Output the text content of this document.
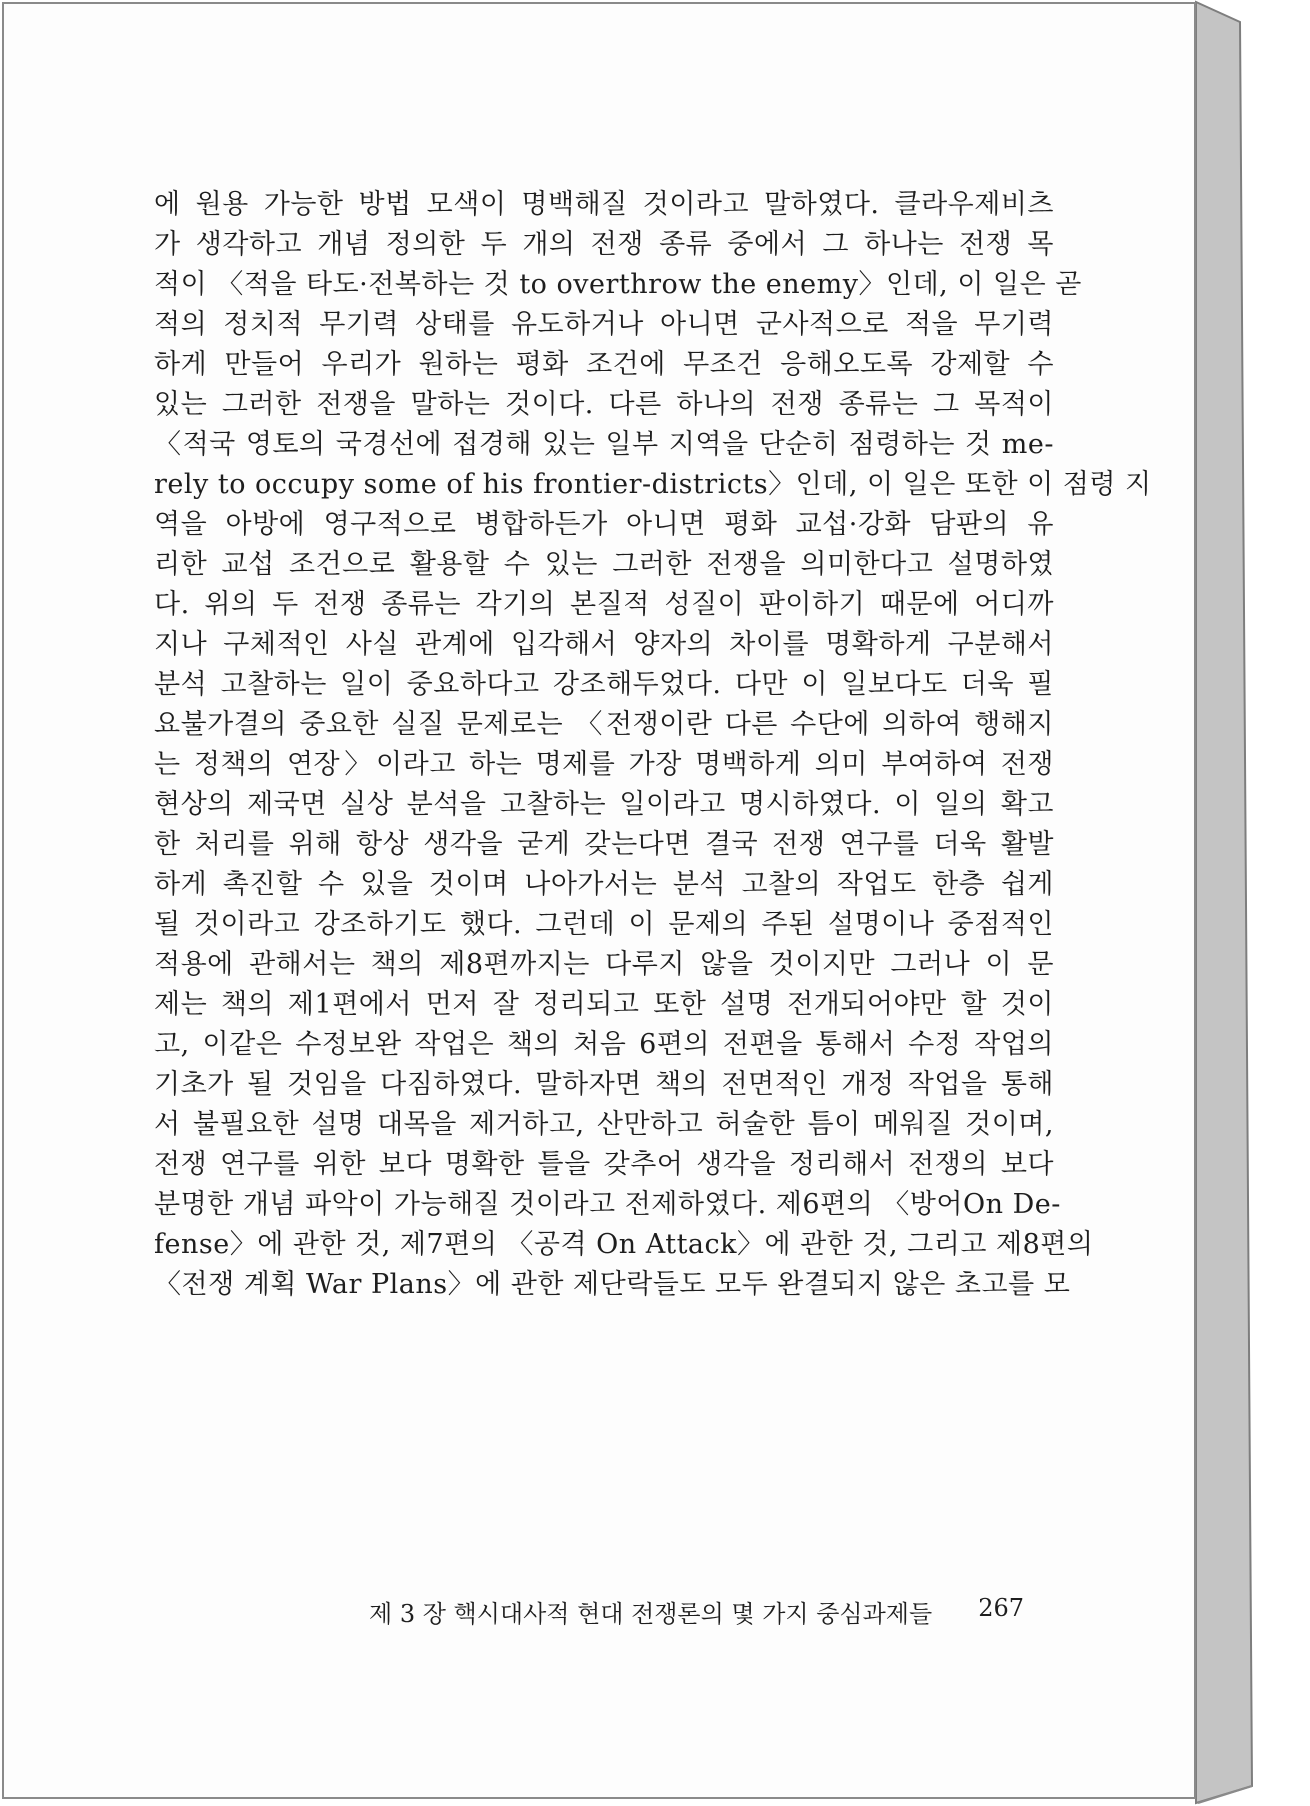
에 원용 가능한 방법 모색이 명백해질 것이라고 말하였다. 클라우제비츠
가 생각하고 개념 정의한 두 개의 전쟁 종류 중에서 그 하나는 전쟁 목
적이 〈적을 타도·전복하는 것 to overthrow the enemy〉인데, 이 일은 곧
적의 정치적 무기력 상태를 유도하거나 아니면 군사적으로 적을 무기력
하게 만들어 우리가 원하는 평화 조건에 무조건 응해오도록 강제할 수
있는 그러한 전쟁을 말하는 것이다. 다른 하나의 전쟁 종류는 그 목적이
〈적국 영토의 국경선에 접경해 있는 일부 지역을 단순히 점령하는 것 me-
rely to occupy some of his frontier-districts〉인데, 이 일은 또한 이 점령 지
역을 아방에 영구적으로 병합하든가 아니면 평화 교섭·강화 담판의 유
리한 교섭 조건으로 활용할 수 있는 그러한 전쟁을 의미한다고 설명하였
다. 위의 두 전쟁 종류는 각기의 본질적 성질이 판이하기 때문에 어디까
지나 구체적인 사실 관계에 입각해서 양자의 차이를 명확하게 구분해서
분석 고찰하는 일이 중요하다고 강조해두었다. 다만 이 일보다도 더욱 필
요불가결의 중요한 실질 문제로는 〈전쟁이란 다른 수단에 의하여 행해지
는 정책의 연장〉이라고 하는 명제를 가장 명백하게 의미 부여하여 전쟁
현상의 제국면 실상 분석을 고찰하는 일이라고 명시하였다. 이 일의 확고
한 처리를 위해 항상 생각을 굳게 갖는다면 결국 전쟁 연구를 더욱 활발
하게 촉진할 수 있을 것이며 나아가서는 분석 고찰의 작업도 한층 쉽게
될 것이라고 강조하기도 했다. 그런데 이 문제의 주된 설명이나 중점적인
적용에 관해서는 책의 제8편까지는 다루지 않을 것이지만 그러나 이 문
제는 책의 제1편에서 먼저 잘 정리되고 또한 설명 전개되어야만 할 것이
고, 이같은 수정보완 작업은 책의 처음 6편의 전편을 통해서 수정 작업의
기초가 될 것임을 다짐하였다. 말하자면 책의 전면적인 개정 작업을 통해
서 불필요한 설명 대목을 제거하고, 산만하고 허술한 틈이 메워질 것이며,
전쟁 연구를 위한 보다 명확한 틀을 갖추어 생각을 정리해서 전쟁의 보다
분명한 개념 파악이 가능해질 것이라고 전제하였다. 제6편의 〈방어On De-
fense〉에 관한 것, 제7편의 〈공격 On Attack〉에 관한 것, 그리고 제8편의
〈전쟁 계획 War Plans〉에 관한 제단락들도 모두 완결되지 않은 초고를 모
제 3 장 핵시대사적 현대 전쟁론의 몇 가지 중심과제들 267
